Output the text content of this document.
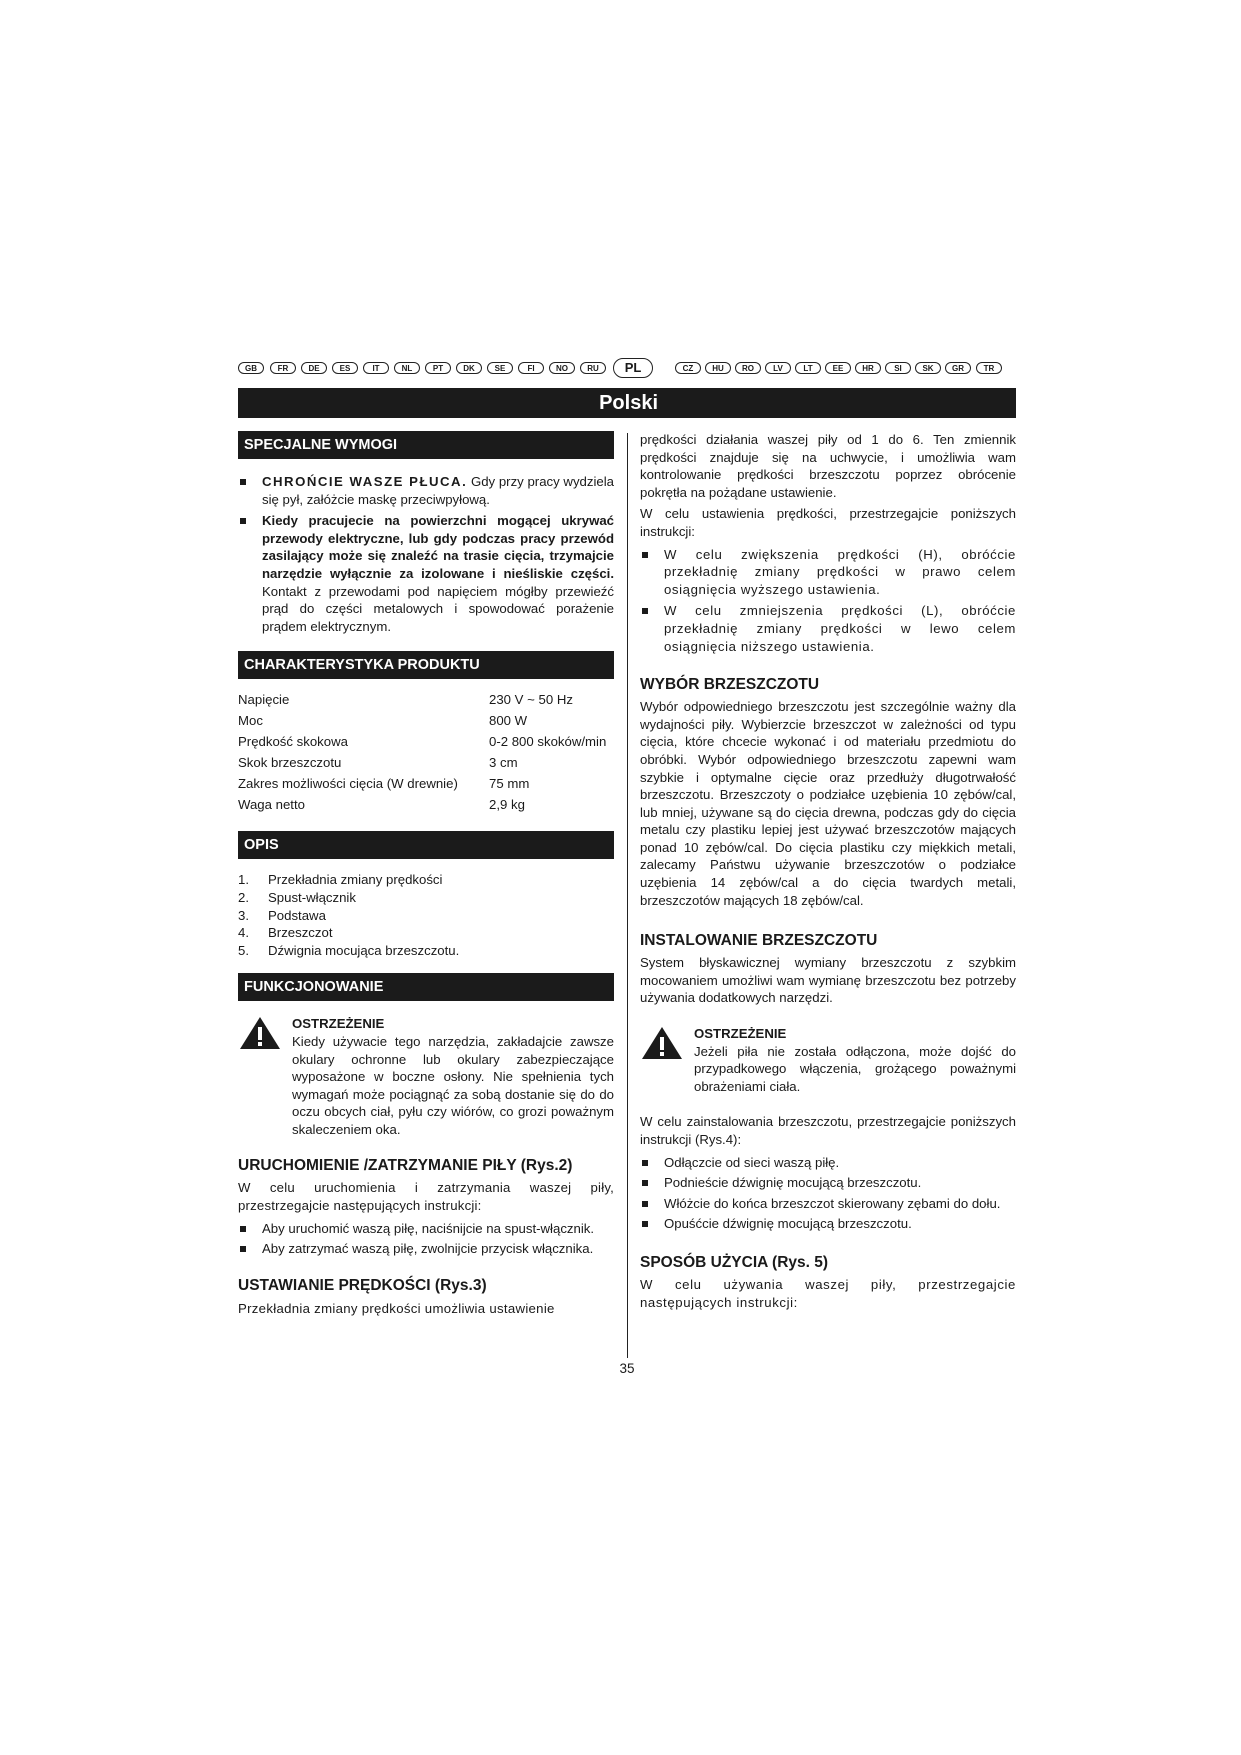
GB	FR	DE	ES	IT	NL	PT	DK	SE	FI	NO	RU	PL	CZ	HU	RO	LV	LT	EE	HR	SI	SK	GR	TR
Polski
SPECJALNE WYMOGI
CHROŃCIE WASZE PŁUCA. Gdy przy pracy wydziela się pył, załóżcie maskę przeciwpyłową.
Kiedy pracujecie na powierzchni mogącej ukrywać przewody elektryczne, lub gdy podczas pracy przewód zasilający może się znaleźć na trasie cięcia, trzymajcie narzędzie wyłącznie za izolowane i nieśliskie części. Kontakt z przewodami pod napięciem mógłby przewieźć prąd do części metalowych i spowodować porażenie prądem elektrycznym.
CHARAKTERYSTYKA PRODUKTU
Napięcie	230 V ~ 50 Hz
Moc	800 W
Prędkość skokowa	0-2 800 skoków/min
Skok brzeszczotu	3 cm
Zakres możliwości cięcia (W drewnie)	75 mm
Waga netto	2,9 kg
OPIS
1.	Przekładnia zmiany prędkości
2.	Spust-włącznik
3.	Podstawa
4.	Brzeszczot
5.	Dźwignia mocująca brzeszczotu.
FUNKCJONOWANIE
OSTRZEŻENIE

Kiedy używacie tego narzędzia, zakładajcie zawsze okulary ochronne lub okulary zabezpieczające wyposażone w boczne osłony. Nie spełnienia tych wymagań może pociągnąć za sobą dostanie się do do oczu obcych ciał, pyłu czy wiórów, co grozi poważnym skaleczeniem oka.

URUCHOMIENIE /ZATRZYMANIE PIŁY (Rys.2)

W celu uruchomienia i zatrzymania waszej piły, przestrzegajcie następujących instrukcji:

Aby uruchomić waszą piłę, naciśnijcie na spust-włącznik.
Aby zatrzymać waszą piłę, zwolnijcie przycisk włącznika.
USTAWIANIE PRĘDKOŚCI (Rys.3)

Przekładnia zmiany prędkości umożliwia ustawienie

prędkości działania waszej piły od 1 do 6. Ten zmiennik prędkości znajduje się na uchwycie, i umożliwia wam kontrolowanie prędkości brzeszczotu poprzez obrócenie pokrętła na pożądane ustawienie.

W celu ustawienia prędkości, przestrzegajcie poniższych instrukcji:

W celu zwiększenia prędkości (H), obróćcie przekładnię zmiany prędkości w prawo celem osiągnięcia wyższego ustawienia.
W celu zmniejszenia prędkości (L), obróćcie przekładnię zmiany prędkości w lewo celem osiągnięcia niższego ustawienia.
WYBÓR BRZESZCZOTU

Wybór odpowiedniego brzeszczotu jest szczególnie ważny dla wydajności piły. Wybierzcie brzeszczot w zależności od typu cięcia, które chcecie wykonać i od materiału przedmiotu do obróbki. Wybór odpowiedniego brzeszczotu zapewni wam szybkie i optymalne cięcie oraz przedłuży długotrwałość brzeszczotu. Brzeszczoty o podziałce uzębienia 10 zębów/cal, lub mniej, używane są do cięcia drewna, podczas gdy do cięcia metalu czy plastiku lepiej jest używać brzeszczotów mających ponad 10 zębów/cal. Do cięcia plastiku czy miękkich metali, zalecamy Państwu używanie brzeszczotów o podziałce uzębienia 14 zębów/cal a do cięcia twardych metali, brzeszczotów mających 18 zębów/cal.

INSTALOWANIE BRZESZCZOTU

System błyskawicznej wymiany brzeszczotu z szybkim mocowaniem umożliwi wam wymianę brzeszczotu bez potrzeby używania dodatkowych narzędzi.

OSTRZEŻENIE

Jeżeli piła nie została odłączona, może dojść do przypadkowego włączenia, grożącego poważnymi obrażeniami ciała.

W celu zainstalowania brzeszczotu, przestrzegajcie poniższych instrukcji (Rys.4):

Odłączcie od sieci waszą piłę.
Podnieście dźwignię mocującą brzeszczotu.
Włóżcie do końca brzeszczot skierowany zębami do dołu.
Opuśćcie dźwignię mocującą brzeszczotu.
SPOSÓB UŻYCIA (Rys. 5)

W celu używania waszej piły, przestrzegajcie następujących instrukcji:

35
